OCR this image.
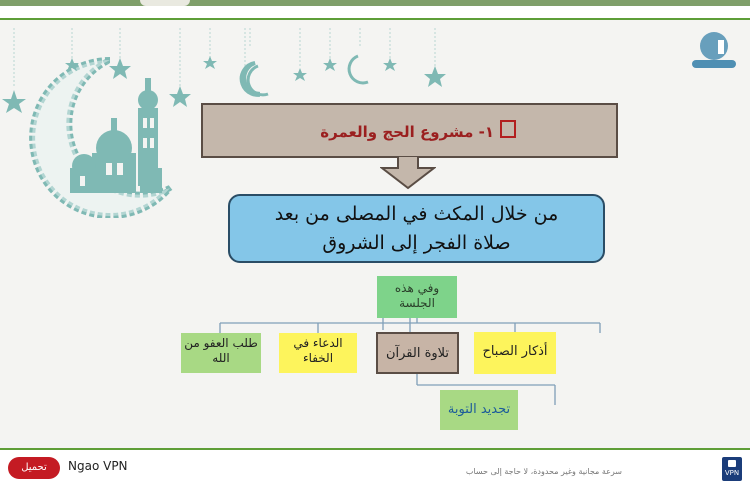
١- مشروع الحج والعمرة
من خلال المكث في المصلى من بعد
صلاة الفجر إلى الشروق
وفي هذه الجلسة
طلب العفو من الله
الدعاء في الخفاء	تلاوة القرآن	أذكار الصباح
تجديد التوبة
تحميل	Ngao VPN	سرعة مجانية وغير محدودة، لا حاجة إلى حساب	VPN
